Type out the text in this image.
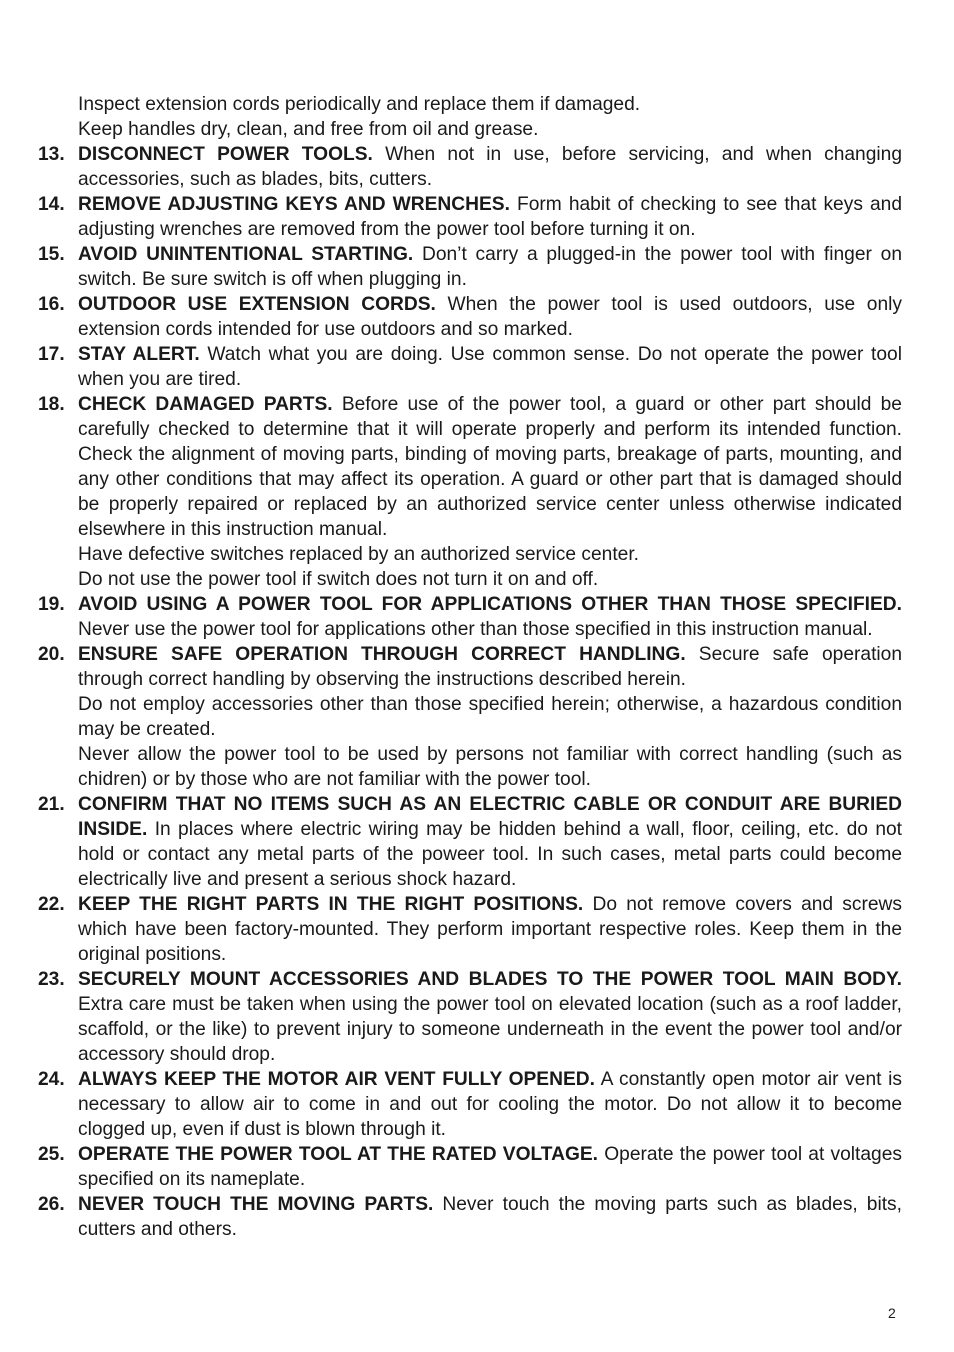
Inspect extension cords periodically and replace them if damaged.
Keep handles dry, clean, and free from oil and grease.
13. DISCONNECT POWER TOOLS. When not in use, before servicing, and when changing accessories, such as blades, bits, cutters.
14. REMOVE ADJUSTING KEYS AND WRENCHES. Form habit of checking to see that keys and adjusting wrenches are removed from the power tool before turning it on.
15. AVOID UNINTENTIONAL STARTING. Don’t carry a plugged-in the power tool with finger on switch. Be sure switch is off when plugging in.
16. OUTDOOR USE EXTENSION CORDS. When the power tool is used outdoors, use only extension cords intended for use outdoors and so marked.
17. STAY ALERT. Watch what you are doing. Use common sense. Do not operate the power tool when you are tired.
18. CHECK DAMAGED PARTS. Before use of the power tool, a guard or other part should be carefully checked to determine that it will operate properly and perform its intended function. Check the alignment of moving parts, binding of moving parts, breakage of parts, mounting, and any other conditions that may affect its operation. A guard or other part that is damaged should be properly repaired or replaced by an authorized service center unless otherwise indicated elsewhere in this instruction manual.
Have defective switches replaced by an authorized service center.
Do not use the power tool if switch does not turn it on and off.
19. AVOID USING A POWER TOOL FOR APPLICATIONS OTHER THAN THOSE SPECIFIED. Never use the power tool for applications other than those specified in this instruction manual.
20. ENSURE SAFE OPERATION THROUGH CORRECT HANDLING. Secure safe operation through correct handling by observing the instructions described herein.
Do not employ accessories other than those specified herein; otherwise, a hazardous condition may be created.
Never allow the power tool to be used by persons not familiar with correct handling (such as chidren) or by those who are not familiar with the power tool.
21. CONFIRM THAT NO ITEMS SUCH AS AN ELECTRIC CABLE OR CONDUIT ARE BURIED INSIDE. In places where electric wiring may be hidden behind a wall, floor, ceiling, etc. do not hold or contact any metal parts of the poweer tool. In such cases, metal parts could become electrically live and present a serious shock hazard.
22. KEEP THE RIGHT PARTS IN THE RIGHT POSITIONS. Do not remove covers and screws which have been factory-mounted. They perform important respective roles. Keep them in the original positions.
23. SECURELY MOUNT ACCESSORIES AND BLADES TO THE POWER TOOL MAIN BODY. Extra care must be taken when using the power tool on elevated location (such as a roof ladder, scaffold, or the like) to prevent injury to someone underneath in the event the power tool and/or accessory should drop.
24. ALWAYS KEEP THE MOTOR AIR VENT FULLY OPENED. A constantly open motor air vent is necessary to allow air to come in and out for cooling the motor. Do not allow it to become clogged up, even if dust is blown through it.
25. OPERATE THE POWER TOOL AT THE RATED VOLTAGE. Operate the power tool at voltages specified on its nameplate.
26. NEVER TOUCH THE MOVING PARTS. Never touch the moving parts such as blades, bits, cutters and others.
2
